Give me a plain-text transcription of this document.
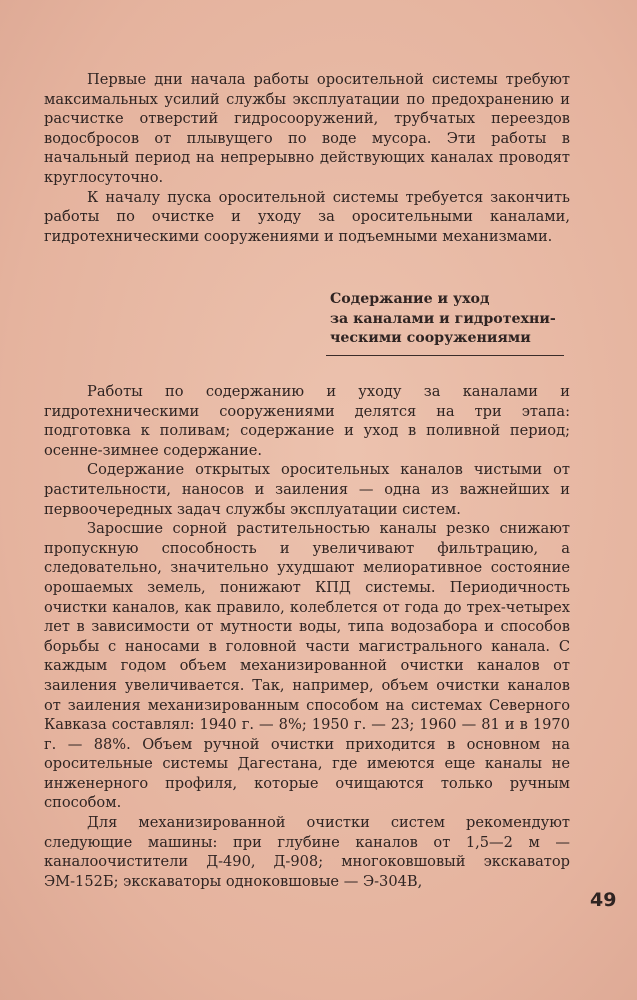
Первые дни начала работы оросительной системы требуют максимальных усилий службы эксплуатации по предохранению и расчистке отверстий гидросооружений, трубчатых переездов водосбросов от плывущего по воде мусора. Эти работы в начальный период на непрерывно действующих каналах проводят круглосуточно.

К началу пуска оросительной системы требуется закончить работы по очистке и уходу за оросительными каналами, гидротехническими сооружениями и подъемными механизмами.

Содержание и уход
за каналами и гидротехни-
ческими сооружениями

Работы по содержанию и уходу за каналами и гидротехническими сооружениями делятся на три этапа: подготовка к поливам; содержание и уход в поливной период; осенне-зимнее содержание.

Содержание открытых оросительных каналов чистыми от растительности, наносов и заиления — одна из важнейших и первоочередных задач службы эксплуатации систем.

Заросшие сорной растительностью каналы резко снижают пропускную способность и увеличивают фильтрацию, а следовательно, значительно ухудшают мелиоративное состояние орошаемых земель, понижают КПД системы. Периодичность очистки каналов, как правило, колеблется от года до трех-четырех лет в зависимости от мутности воды, типа водозабора и способов борьбы с наносами в головной части магистрального канала. С каждым годом объем механизированной очистки каналов от заиления увеличивается. Так, например, объем очистки каналов от заиления механизированным способом на системах Северного Кавказа составлял: 1940 г. — 8%; 1950 г. — 23; 1960 — 81 и в 1970 г. — 88%. Объем ручной очистки приходится в основном на оросительные системы Дагестана, где имеются еще каналы не инженерного профиля, которые очищаются только ручным способом.

Для механизированной очистки систем рекомендуют следующие машины: при глубине каналов от 1,5—2 м — каналоочистители Д-490, Д-908; многоковшовый экскаватор ЭМ-152Б; экскаваторы одноковшовые — Э-304В,

49
